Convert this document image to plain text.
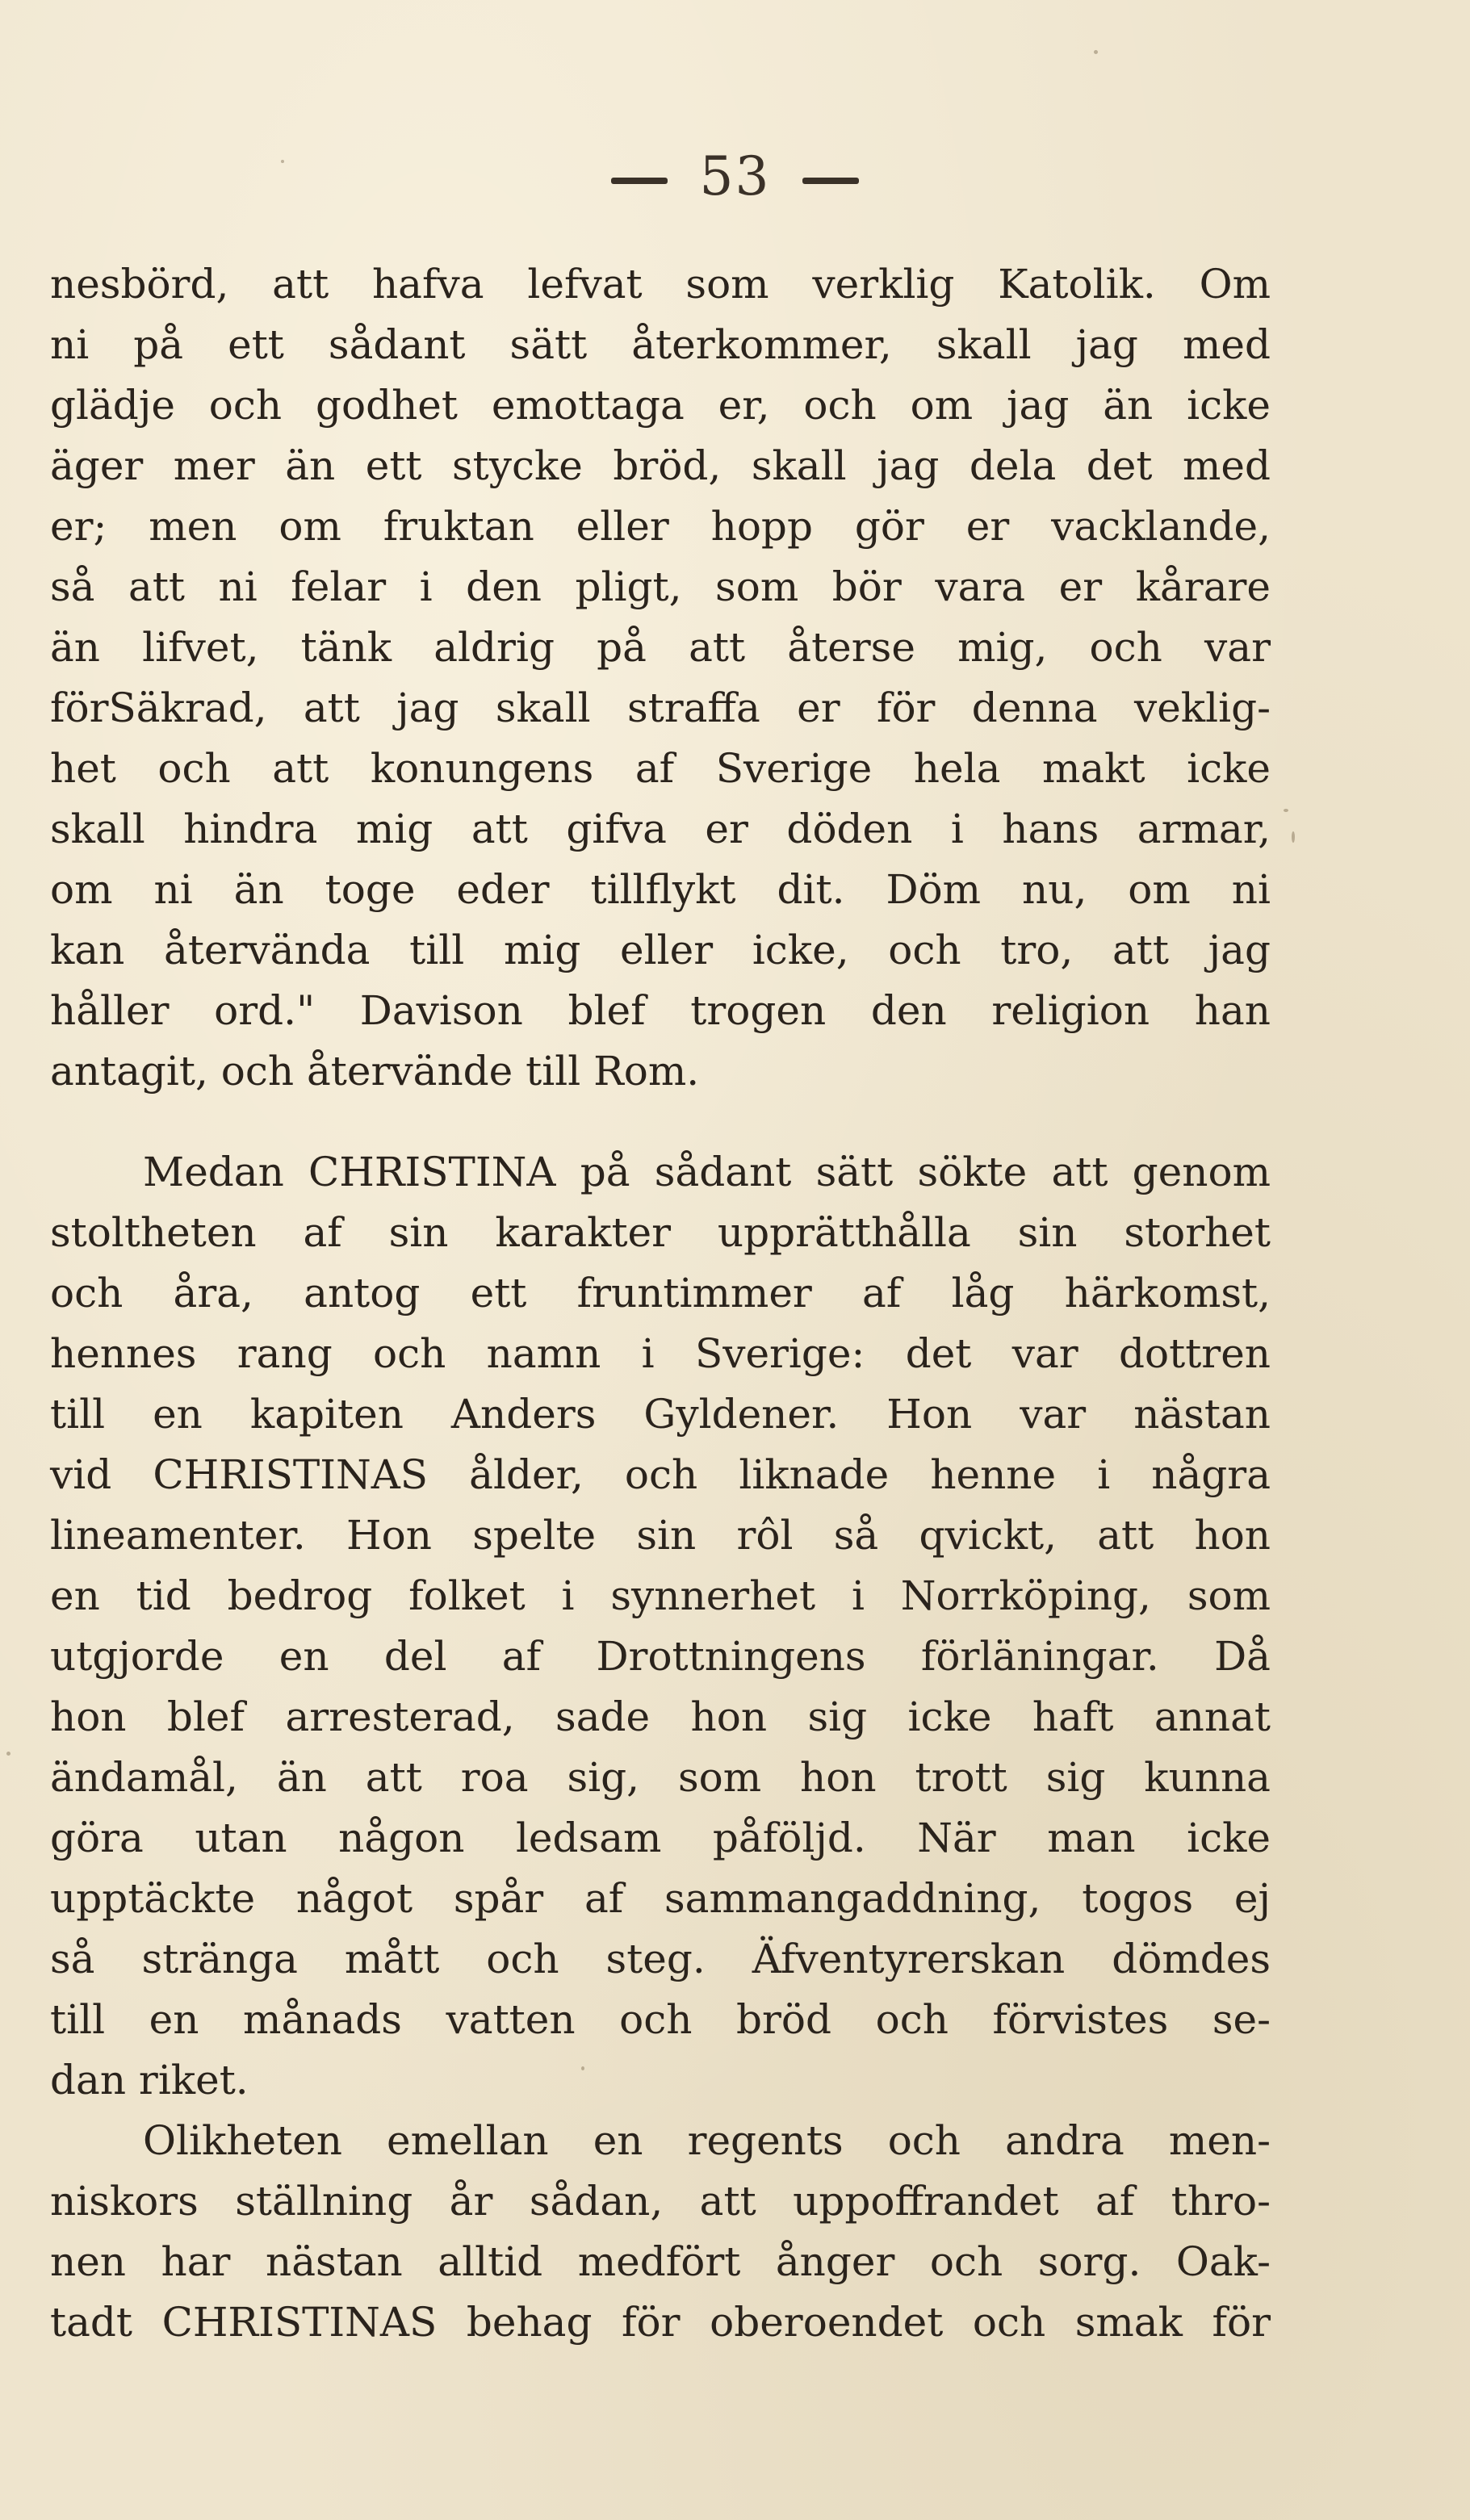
53
nesbörd, att hafva lefvat som verklig Katolik. Om
ni på ett sådant sätt återkommer, skall jag med
glädje och godhet emottaga er, och om jag än icke
äger mer än ett stycke bröd, skall jag dela det med
er; men om fruktan eller hopp gör er vacklande,
så att ni felar i den pligt, som bör vara er kårare
än lifvet, tänk aldrig på att återse mig, och var
förSäkrad, att jag skall straffa er för denna veklig-
het och att konungens af Sverige hela makt icke
skall hindra mig att gifva er döden i hans armar,
om ni än toge eder tillflykt dit. Döm nu, om ni
kan återvända till mig eller icke, och tro, att jag
håller ord." Davison blef trogen den religion han
antagit, och återvände till Rom.
Medan CHRISTINA på sådant sätt sökte att genom
stoltheten af sin karakter upprätthålla sin storhet
och åra, antog ett fruntimmer af låg härkomst,
hennes rang och namn i Sverige: det var dottren
till en kapiten Anders Gyldener. Hon var nästan
vid CHRISTINAS ålder, och liknade henne i några
lineamenter. Hon spelte sin rôl så qvickt, att hon
en tid bedrog folket i synnerhet i Norrköping, som
utgjorde en del af Drottningens förläningar. Då
hon blef arresterad, sade hon sig icke haft annat
ändamål, än att roa sig, som hon trott sig kunna
göra utan någon ledsam påföljd. När man icke
upptäckte något spår af sammangaddning, togos ej
så stränga mått och steg. Äfventyrerskan dömdes
till en månads vatten och bröd och förvistes se-
dan riket.
Olikheten emellan en regents och andra men-
niskors ställning år sådan, att uppoffrandet af thro-
nen har nästan alltid medfört ånger och sorg. Oak-
tadt CHRISTINAS behag för oberoendet och smak för
